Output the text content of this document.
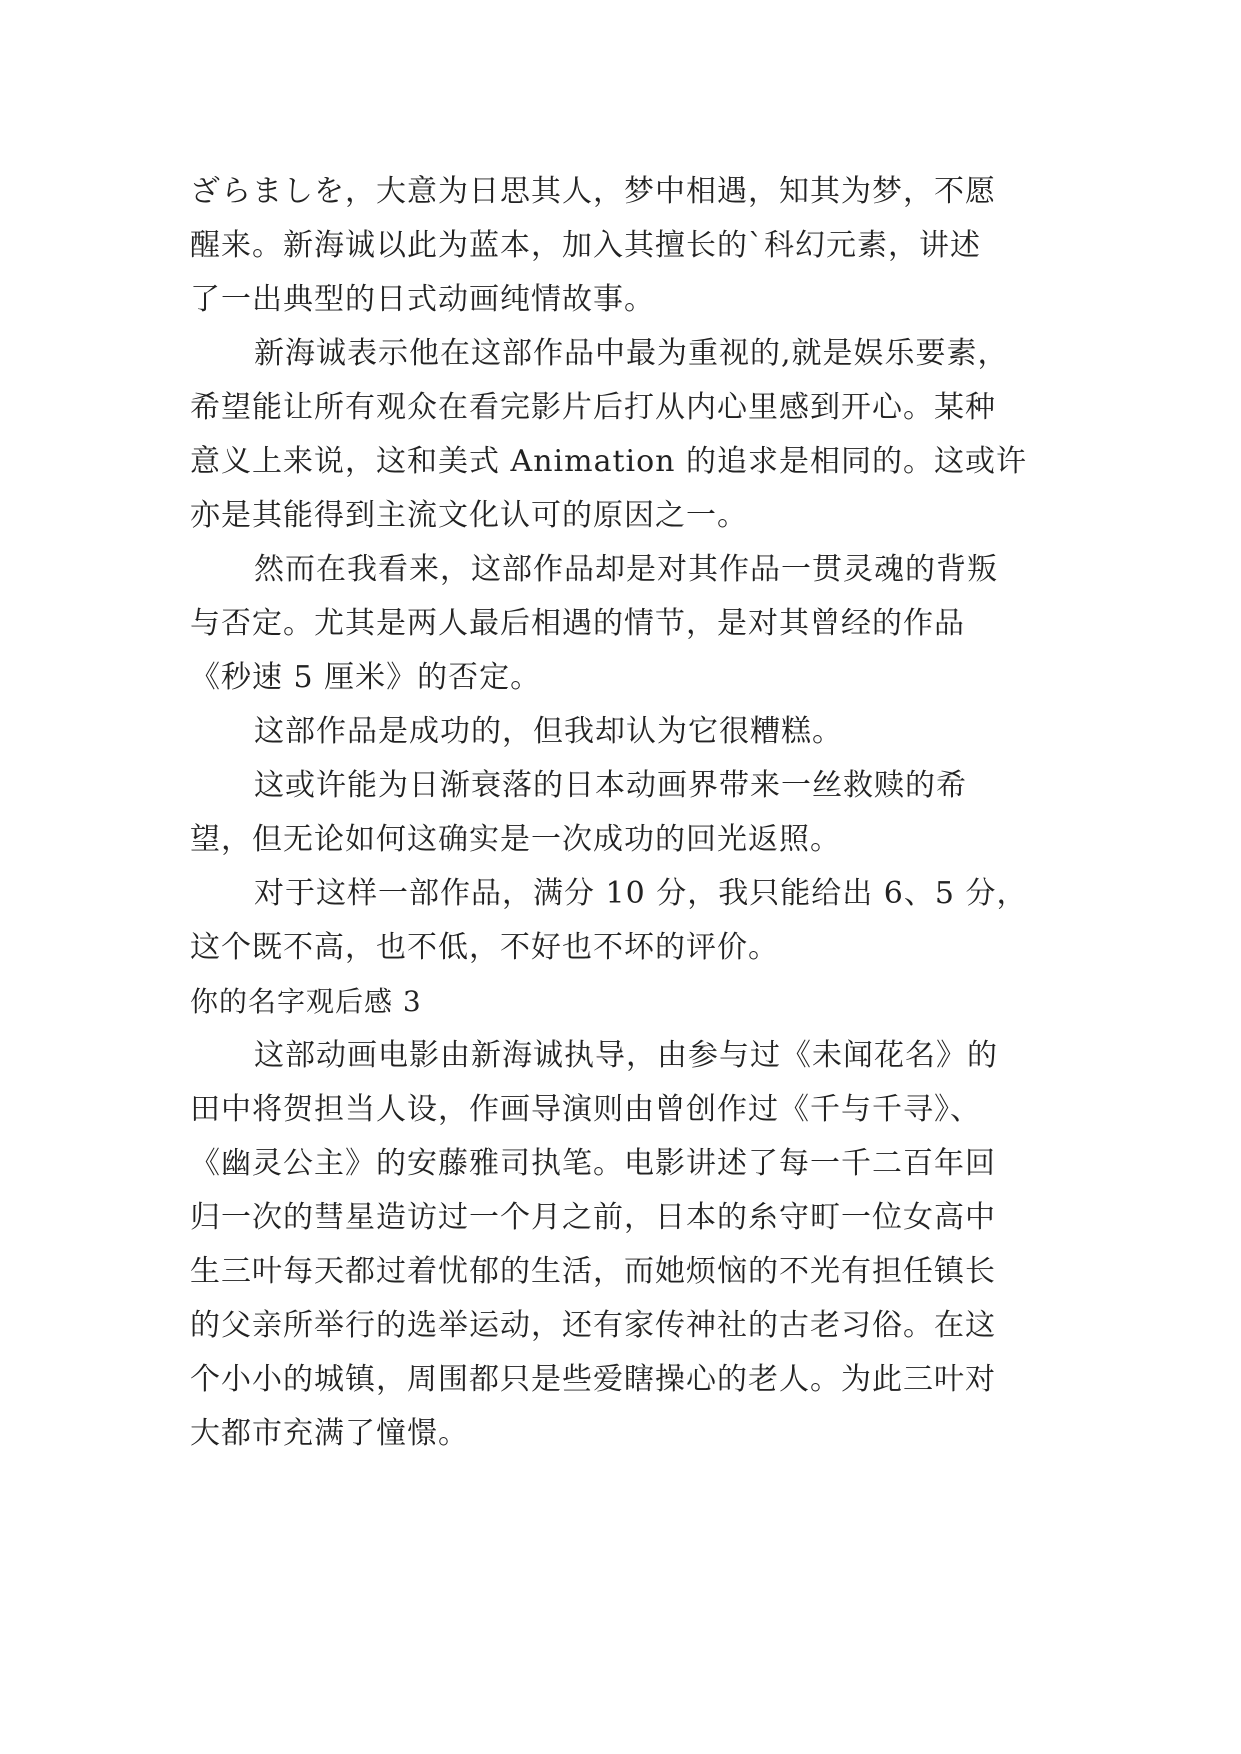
ざらましを，大意为日思其人，梦中相遇，知其为梦，不愿
醒来。新海诚以此为蓝本，加入其擅长的`科幻元素，讲述
了一出典型的日式动画纯情故事。
新海诚表示他在这部作品中最为重视的,就是娱乐要素，
希望能让所有观众在看完影片后打从内心里感到开心。某种
意义上来说，这和美式 Animation 的追求是相同的。这或许
亦是其能得到主流文化认可的原因之一。
然而在我看来，这部作品却是对其作品一贯灵魂的背叛
与否定。尤其是两人最后相遇的情节，是对其曾经的作品
《秒速 5 厘米》的否定。
这部作品是成功的，但我却认为它很糟糕。
这或许能为日渐衰落的日本动画界带来一丝救赎的希
望，但无论如何这确实是一次成功的回光返照。
对于这样一部作品，满分 10 分，我只能给出 6、5 分，
这个既不高，也不低，不好也不坏的评价。
你的名字观后感 3
这部动画电影由新海诚执导，由参与过《未闻花名》的
田中将贺担当人设，作画导演则由曾创作过《千与千寻》、
《幽灵公主》的安藤雅司执笔。电影讲述了每一千二百年回
归一次的彗星造访过一个月之前，日本的糸守町一位女高中
生三叶每天都过着忧郁的生活，而她烦恼的不光有担任镇长
的父亲所举行的选举运动，还有家传神社的古老习俗。在这
个小小的城镇，周围都只是些爱瞎操心的老人。为此三叶对
大都市充满了憧憬。
